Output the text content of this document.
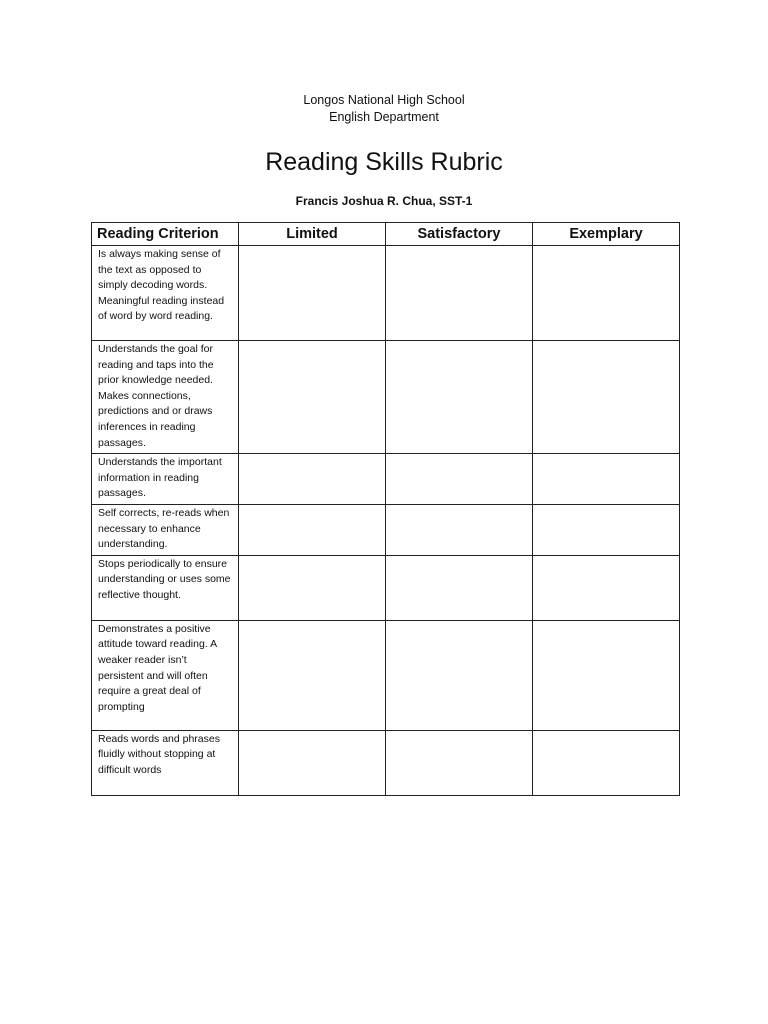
Longos National High School
English Department
Reading Skills Rubric
Francis Joshua R. Chua, SST-1
Reading Criterion	Limited	Satisfactory	Exemplary
Is always making sense of the text as opposed to simply decoding words. Meaningful reading instead of word by word reading.			
Understands the goal for reading and taps into the prior knowledge needed. Makes connections, predictions and or draws inferences in reading passages.			
Understands the important information in reading passages.			
Self corrects, re-reads when necessary to enhance understanding.			
Stops periodically to ensure understanding or uses some reflective thought.			
Demonstrates a positive attitude toward reading. A weaker reader isn’t persistent and will often require a great deal of prompting			
Reads words and phrases fluidly without stopping at difficult words			
